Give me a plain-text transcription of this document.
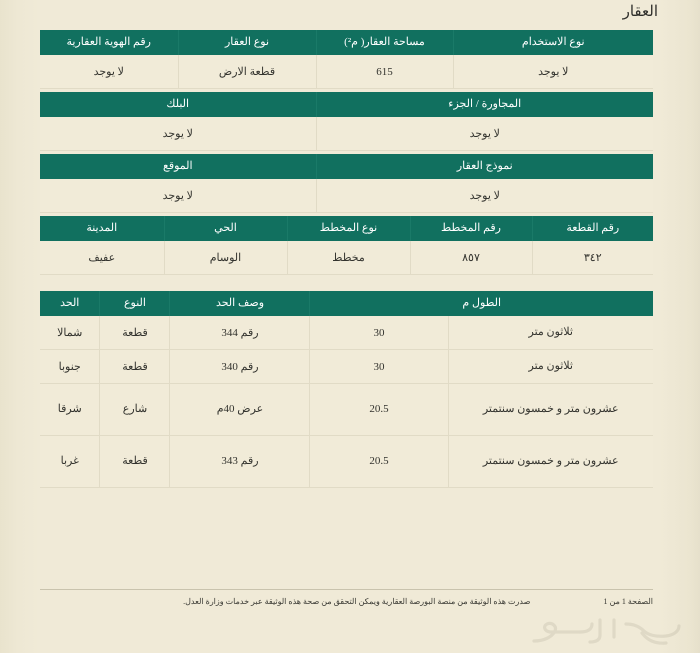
العقار
نوع الاستخدام	مساحة العقار( م²)	نوع العقار	رقم الهوية العقارية
لا يوجد	615	قطعة الارض	لا يوجد

المجاورة / الجزء		البلك	
لا يوجد		لا يوجد	

نموذج العقار		الموقع	
لا يوجد		لا يوجد	
رقم القطعة	رقم المخطط	نوع المخطط	الحي	المدينة
٣٤٢	٨٥٧	مخطط	الوسام	عفيف
الطول م		وصف الحد	النوع	الحد
ثلاثون متر	30	رقم 344	قطعة	شمالا
ثلاثون متر	30	رقم 340	قطعة	جنوبا
عشرون متر و خمسون سنتمتر	20.5	عرض 40م	شارع	شرقا
عشرون متر و خمسون سنتمتر	20.5	رقم 343	قطعة	غربا
الصفحة 1 من 1
صدرت هذه الوثيقة من منصة البورصة العقارية ويمكن التحقق من صحة هذه الوثيقة عبر خدمات وزارة العدل.
